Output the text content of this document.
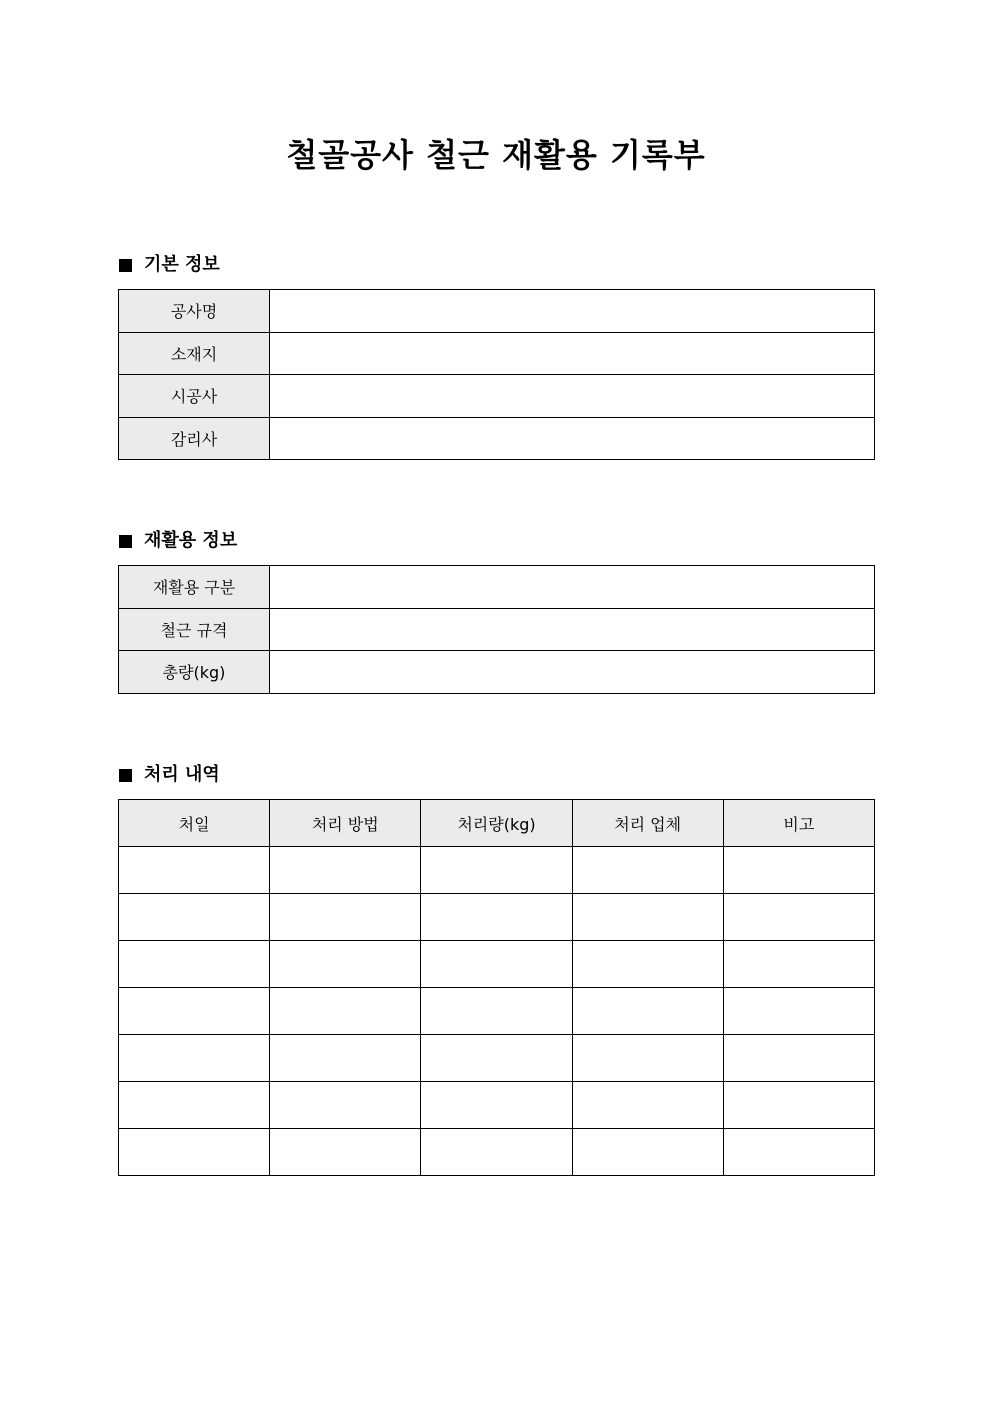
철골공사 철근 재활용 기록부
기본 정보
공사명	
소재지	
시공사	
감리사	
재활용 정보
재활용 구분	
철근 규격	
총량(kg)	
처리 내역
처일	처리 방법	처리량(kg)	처리 업체	비고
